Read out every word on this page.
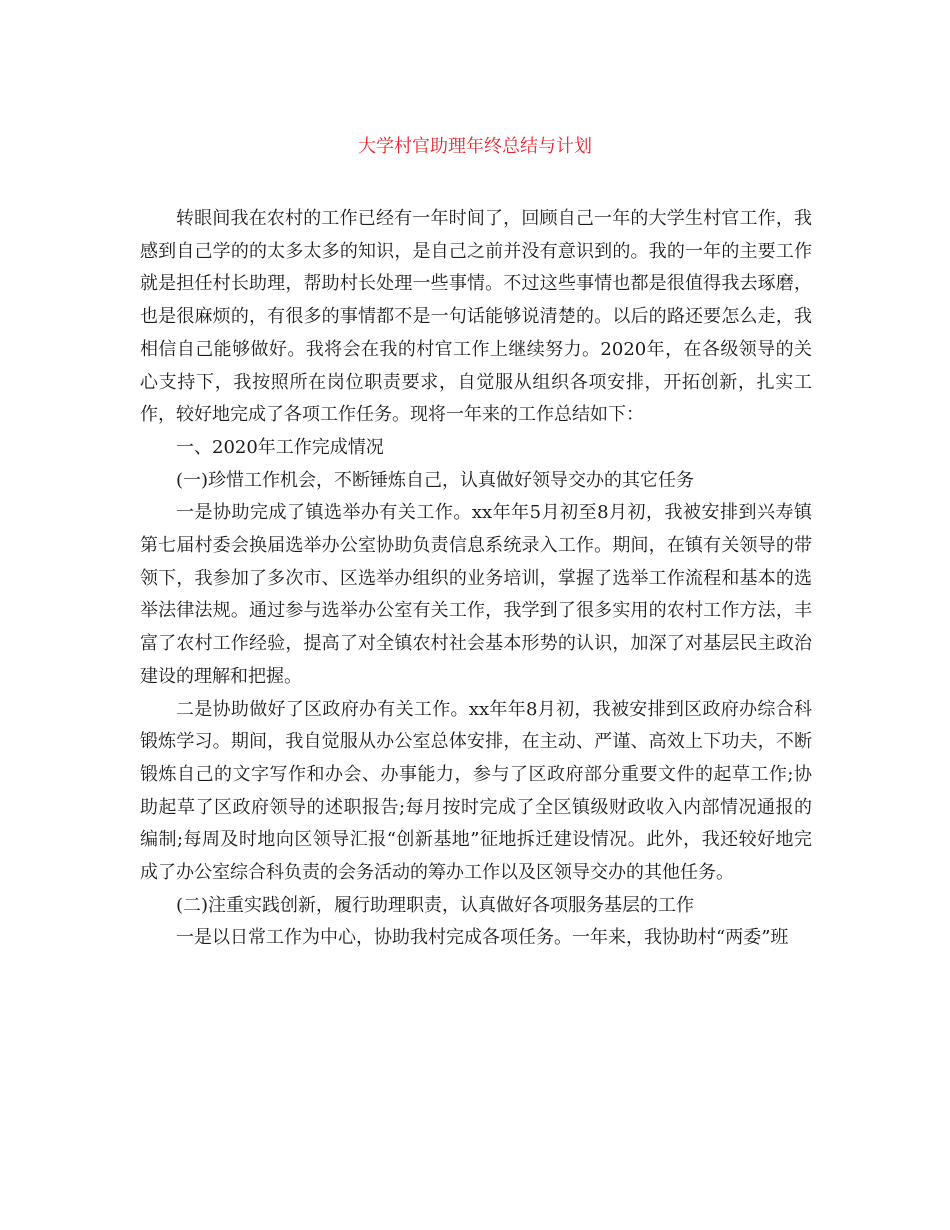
大学村官助理年终总结与计划

转眼间我在农村的工作已经有一年时间了，回顾自己一年的大学生村官工作，我感到自己学的的太多太多的知识，是自己之前并没有意识到的。我的一年的主要工作就是担任村长助理，帮助村长处理一些事情。不过这些事情也都是很值得我去琢磨，也是很麻烦的，有很多的事情都不是一句话能够说清楚的。以后的路还要怎么走，我相信自己能够做好。我将会在我的村官工作上继续努力。2020年，在各级领导的关心支持下，我按照所在岗位职责要求，自觉服从组织各项安排，开拓创新，扎实工作，较好地完成了各项工作任务。现将一年来的工作总结如下：

一、2020年工作完成情况

(一)珍惜工作机会，不断锤炼自己，认真做好领导交办的其它任务

一是协助完成了镇选举办有关工作。xx年年5月初至8月初，我被安排到兴寿镇第七届村委会换届选举办公室协助负责信息系统录入工作。期间，在镇有关领导的带领下，我参加了多次市、区选举办组织的业务培训，掌握了选举工作流程和基本的选举法律法规。通过参与选举办公室有关工作，我学到了很多实用的农村工作方法，丰富了农村工作经验，提高了对全镇农村社会基本形势的认识，加深了对基层民主政治建设的理解和把握。

二是协助做好了区政府办有关工作。xx年年8月初，我被安排到区政府办综合科锻炼学习。期间，我自觉服从办公室总体安排，在主动、严谨、高效上下功夫，不断锻炼自己的文字写作和办会、办事能力，参与了区政府部分重要文件的起草工作;协助起草了区政府领导的述职报告;每月按时完成了全区镇级财政收入内部情况通报的编制;每周及时地向区领导汇报“创新基地”征地拆迁建设情况。此外，我还较好地完成了办公室综合科负责的会务活动的筹办工作以及区领导交办的其他任务。

(二)注重实践创新，履行助理职责，认真做好各项服务基层的工作

一是以日常工作为中心，协助我村完成各项任务。一年来，我协助村“两委”班
